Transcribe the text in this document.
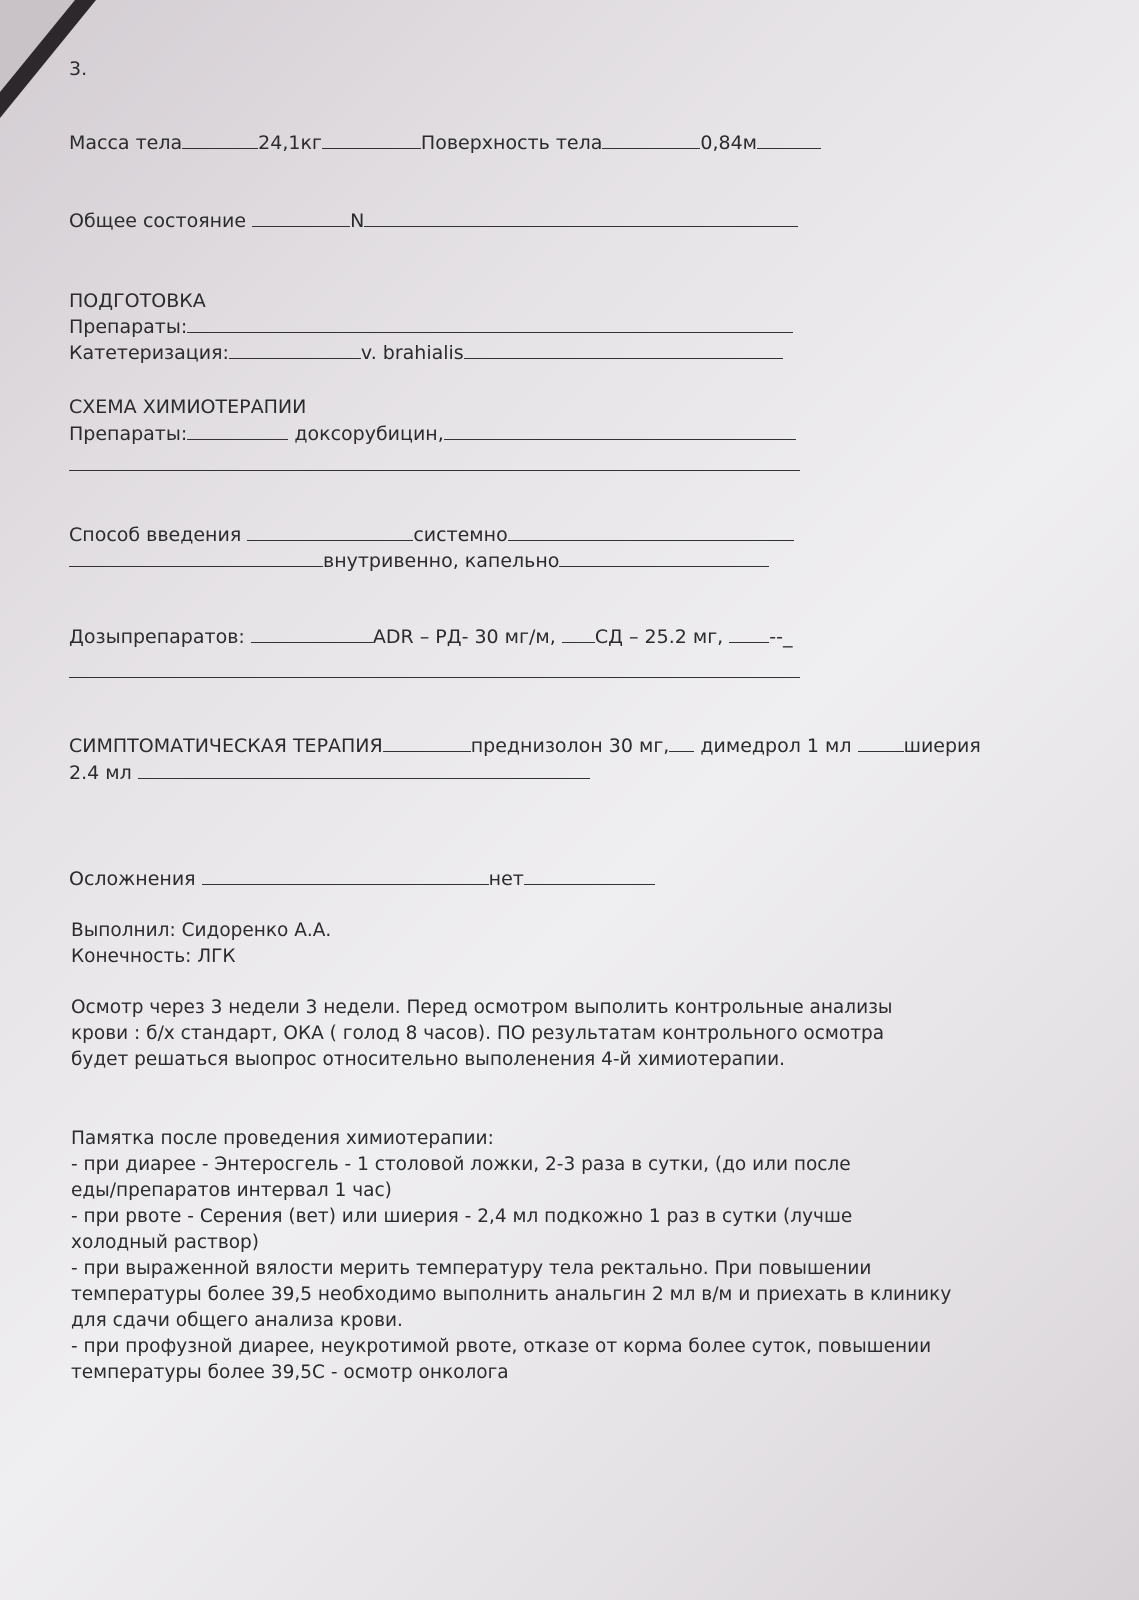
3.
Масса тела	24,1кг	Поверхность тела	0,84м
Общее состояние	N
ПОДГОТОВКА
Препараты:
Катетеризация:	v. brahialis
СХЕМА ХИМИОТЕРАПИИ
Препараты:	доксорубицин,
Способ введения	системно
внутривенно, капельно
Дозыпрепаратов:	ADR – РД- 30 мг/м, СД – 25.2 мг, --_
СИМПТОМАТИЧЕСКАЯ ТЕРАПИЯ	преднизолон 30 мг, димедрол 1 мл	шиерия
2.4 мл
Осложнения	нет
Выполнил: Сидоренко А.А.
Конечность: ЛГК
Осмотр через 3 недели 3 недели. Перед осмотром выполить контрольные анализы
крови : б/х стандарт, ОКА ( голод 8 часов). ПО результатам контрольного осмотра
будет решаться выопрос относительно выполенения 4-й химиотерапии.
Памятка после проведения химиотерапии:
- при диарее - Энтеросгель - 1 столовой ложки, 2-3 раза в сутки, (до или после
еды/препаратов интервал 1 час)
- при рвоте - Серения (вет) или шиерия - 2,4 мл подкожно 1 раз в сутки (лучше
холодный раствор)
- при выраженной вялости мерить температуру тела ректально. При повышении
температуры более 39,5 необходимо выполнить анальгин 2 мл в/м и приехать в клинику
для сдачи общего анализа крови.
- при профузной диарее, неукротимой рвоте, отказе от корма более суток, повышении
температуры более 39,5С - осмотр онколога
